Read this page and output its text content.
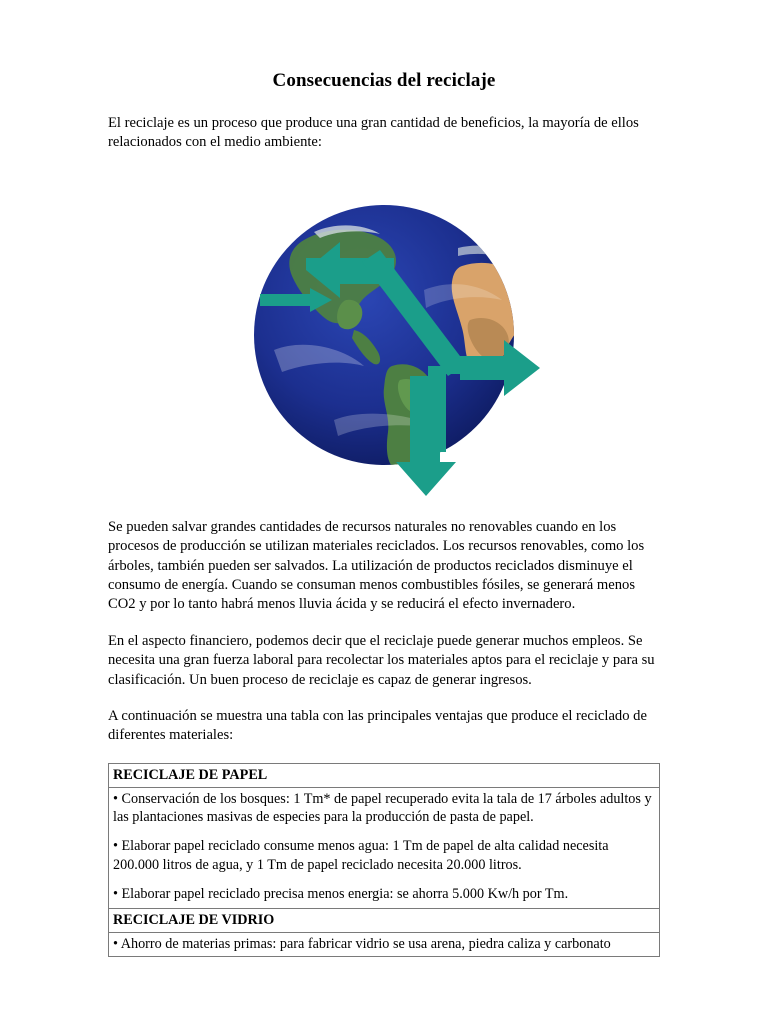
Consecuencias del reciclaje

El reciclaje es un proceso que produce una gran cantidad de beneficios, la mayoría de ellos relacionados con el medio ambiente:

Se pueden salvar grandes cantidades de recursos naturales no renovables cuando en los procesos de producción se utilizan materiales reciclados. Los recursos renovables, como los árboles, también pueden ser salvados. La utilización de productos reciclados disminuye el consumo de energía. Cuando se consuman menos combustibles fósiles, se generará menos CO2 y por lo tanto habrá menos lluvia ácida y se reducirá el efecto invernadero.

En el aspecto financiero, podemos decir que el reciclaje puede generar muchos empleos. Se necesita una gran fuerza laboral para recolectar los materiales aptos para el reciclaje y para su clasificación. Un buen proceso de reciclaje es capaz de generar ingresos.

A continuación se muestra una tabla con las principales ventajas que produce el reciclado de diferentes materiales:

RECICLAJE DE PAPEL

• Conservación de los bosques: 1 Tm* de papel recuperado evita la tala de 17 árboles adultos y las plantaciones masivas de especies para la producción de pasta de papel.

• Elaborar papel reciclado consume menos agua: 1 Tm de papel de alta calidad necesita 200.000 litros de agua, y 1 Tm de papel reciclado necesita 20.000 litros.

• Elaborar papel reciclado precisa menos energia: se ahorra 5.000 Kw/h por Tm.

RECICLAJE DE VIDRIO
• Ahorro de materias primas: para fabricar vidrio se usa arena, piedra caliza y carbonato
